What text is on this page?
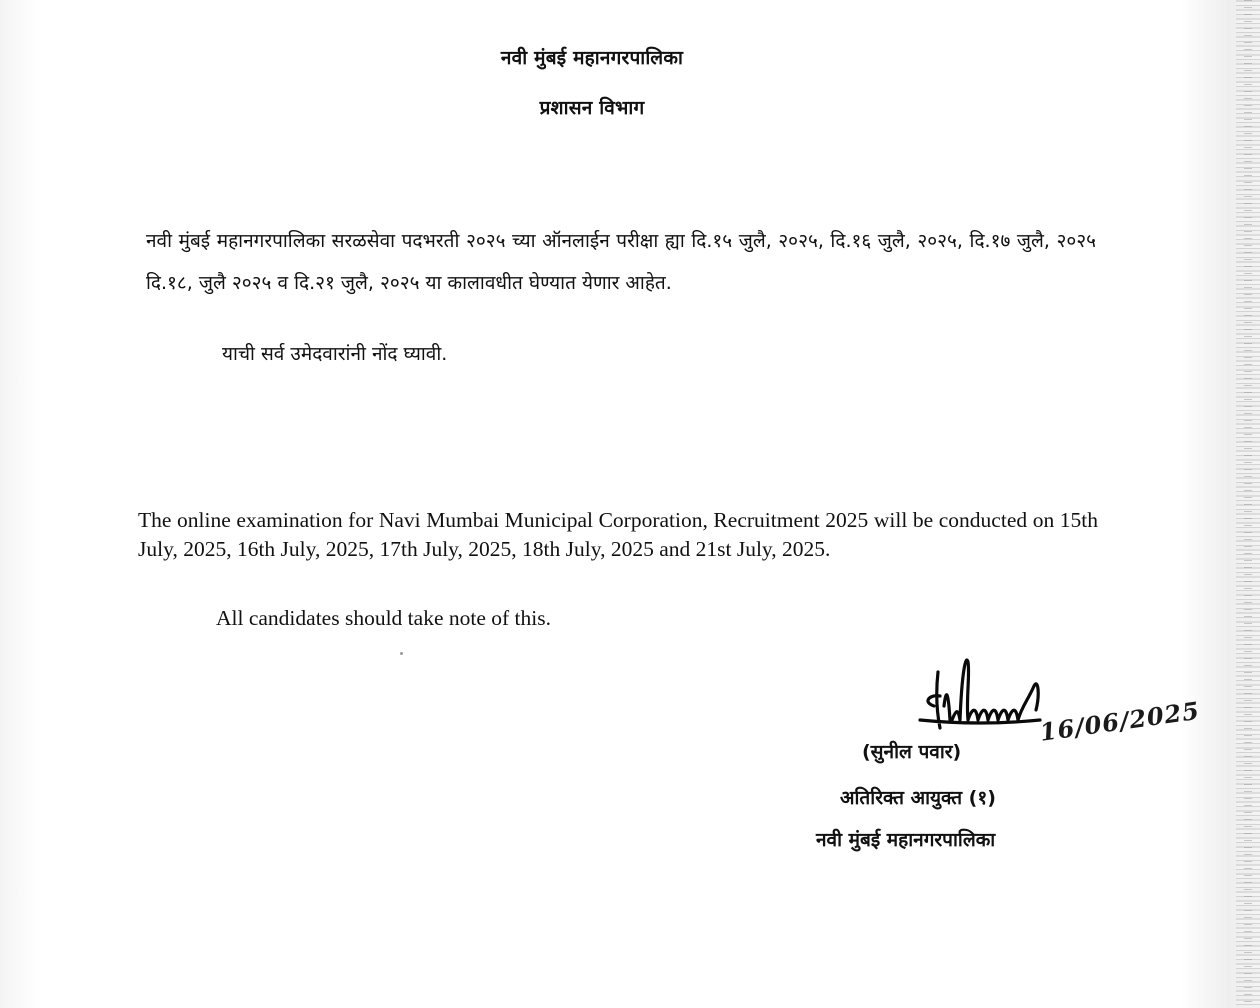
नवी मुंबई महानगरपालिका
प्रशासन विभाग

नवी मुंबई महानगरपालिका सरळसेवा पदभरती २०२५ च्या ऑनलाईन परीक्षा ह्या दि.१५ जुलै, २०२५, दि.१६ जुलै, २०२५, दि.१७ जुलै, २०२५ दि.१८, जुलै २०२५ व दि.२१ जुलै, २०२५ या कालावधीत घेण्यात येणार आहेत.

याची सर्व उमेदवारांनी नोंद घ्यावी.

The online examination for Navi Mumbai Municipal Corporation, Recruitment 2025 will be conducted on 15th July, 2025, 16th July, 2025, 17th July, 2025, 18th July, 2025 and 21st July, 2025.

All candidates should take note of this.

(सुनील पवार)
16/06/2025
अतिरिक्त आयुक्त (१)
नवी मुंबई महानगरपालिका
